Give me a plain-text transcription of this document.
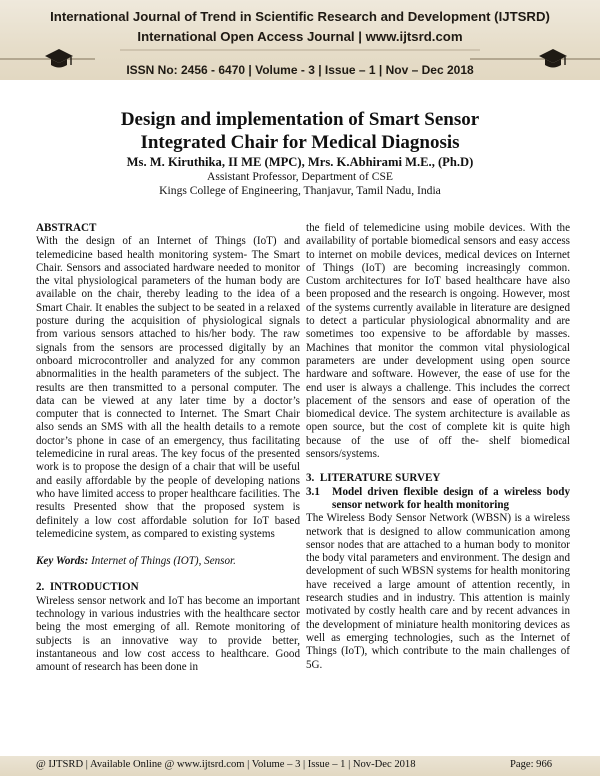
International Journal of Trend in Scientific Research and Development (IJTSRD)
International Open Access Journal | www.ijtsrd.com
ISSN No: 2456 - 6470 | Volume - 3 | Issue – 1 | Nov – Dec 2018
Design and implementation of Smart Sensor
Integrated Chair for Medical Diagnosis
Ms. M. Kiruthika, II ME (MPC), Mrs. K.Abhirami M.E., (Ph.D)
Assistant Professor, Department of CSE
Kings College of Engineering, Thanjavur, Tamil Nadu, India

ABSTRACT

With the design of an Internet of Things (IoT) and telemedicine based health monitoring system- The Smart Chair. Sensors and associated hardware needed to monitor the vital physiological parameters of the human body are available on the chair, thereby leading to the idea of a Smart Chair. It enables the subject to be seated in a relaxed posture during the acquisition of physiological signals from various sensors attached to his/her body. The raw signals from the sensors are processed digitally by an onboard microcontroller and analyzed for any common abnormalities in the health parameters of the subject. The results are then transmitted to a personal computer. The data can be viewed at any later time by a doctor’s computer that is connected to Internet. The Smart Chair also sends an SMS with all the health details to a remote doctor’s phone in case of an emergency, thus facilitating telemedicine in rural areas. The key focus of the presented work is to propose the design of a chair that will be useful and easily affordable by the people of developing nations who have limited access to proper healthcare facilities. The results Presented show that the proposed system is definitely a low cost affordable solution for IoT based telemedicine system, as compared to existing systems

Key Words: Internet of Things (IOT), Sensor.

2.  INTRODUCTION

Wireless sensor network and IoT has become an important technology in various industries with the healthcare sector being the most emerging of all. Remote monitoring of subjects is an innovative way to provide better, instantaneous and low cost access to healthcare. Good amount of research has been done in

the field of telemedicine using mobile devices. With the availability of portable biomedical sensors and easy access to internet on mobile devices, medical devices on Internet of Things (IoT) are becoming increasingly common. Custom architectures for IoT based healthcare have also been proposed and the research is ongoing. However, most of the systems currently available in literature are designed to detect a particular physiological abnormality and are sometimes too expensive to be affordable by masses. Machines that monitor the common vital physiological parameters are under development using open source hardware and software. However, the ease of use for the end user is always a challenge. This includes the correct placement of the sensors and ease of operation of the biomedical device. The system architecture is available as open source, but the cost of complete kit is quite high because of the use of off the- shelf biomedical sensors/systems.

3.  LITERATURE SURVEY

3.1	Model driven flexible design of a wireless body sensor network for health monitoring

The Wireless Body Sensor Network (WBSN) is a wireless network that is designed to allow communication among sensor nodes that are attached to a human body to monitor the body vital parameters and environment. The design and development of such WBSN systems for health monitoring have received a large amount of attention recently, in research studies and in industry. This attention is mainly motivated by costly health care and by recent advances in the development of miniature health monitoring devices as well as emerging technologies, such as the Internet of Things (IoT), which contribute to the main challenges of 5G.

@ IJTSRD | Available Online @ www.ijtsrd.com | Volume – 3 | Issue – 1 | Nov-Dec 2018	Page: 966
